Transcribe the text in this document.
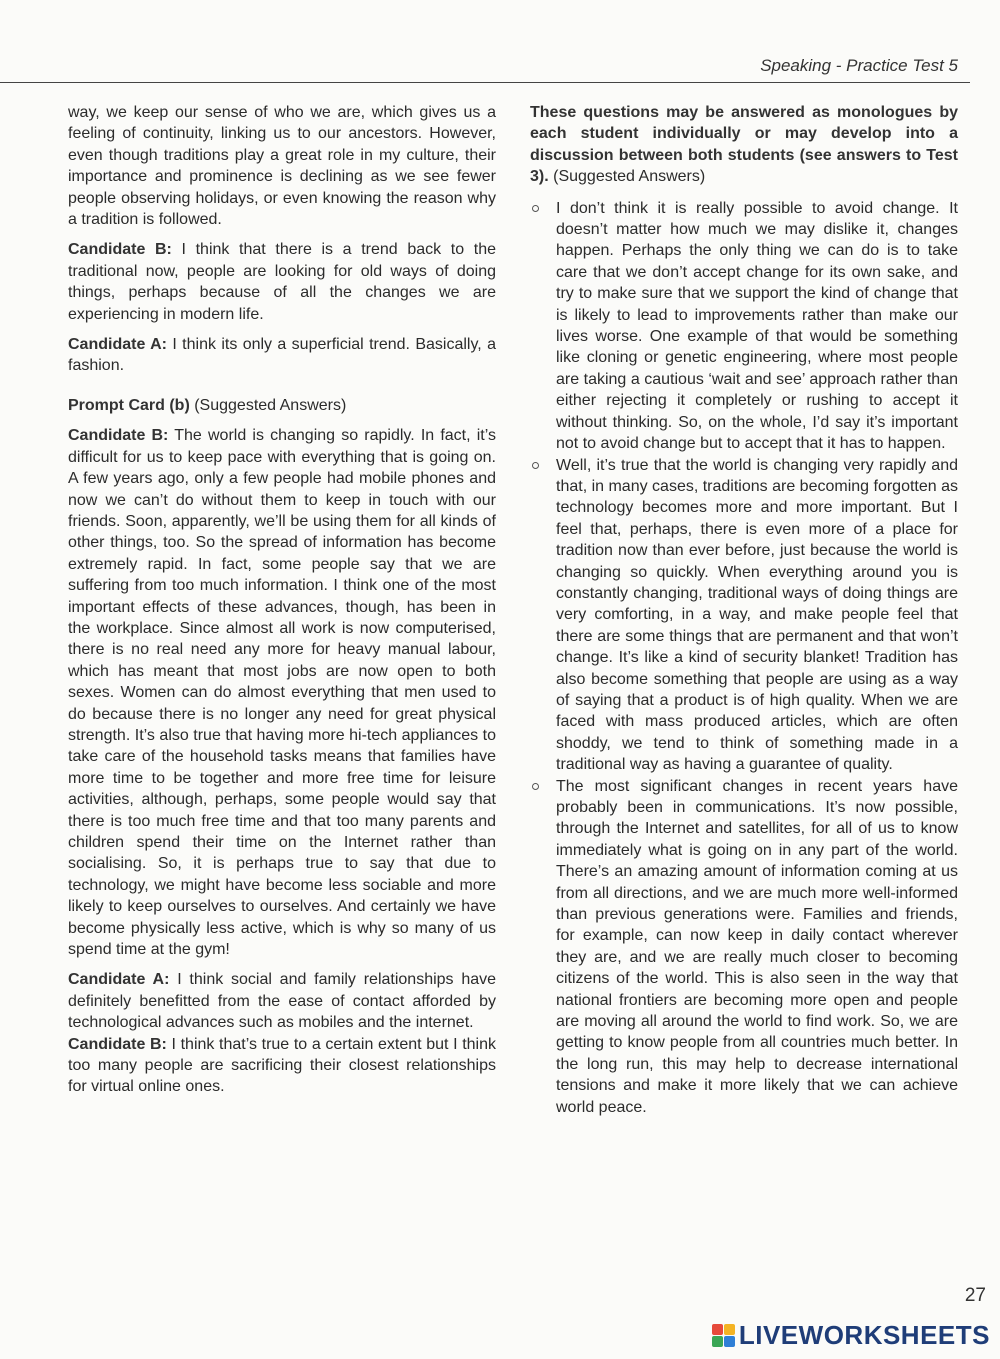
Speaking - Practice Test 5

way, we keep our sense of who we are, which gives us a feeling of continuity, linking us to our ancestors. However, even though traditions play a great role in my culture, their importance and prominence is declining as we see fewer people observing holidays, or even knowing the reason why a tradition is followed.

Candidate B: I think that there is a trend back to the traditional now, people are looking for old ways of doing things, perhaps because of all the changes we are experiencing in modern life.

Candidate A: I think its only a superficial trend. Basically, a fashion.

Prompt Card (b) (Suggested Answers)

Candidate B: The world is changing so rapidly. In fact, it’s difficult for us to keep pace with everything that is going on. A few years ago, only a few people had mobile phones and now we can’t do without them to keep in touch with our friends. Soon, apparently, we’ll be using them for all kinds of other things, too. So the spread of information has become extremely rapid. In fact, some people say that we are suffering from too much information. I think one of the most important effects of these advances, though, has been in the workplace. Since almost all work is now computerised, there is no real need any more for heavy manual labour, which has meant that most jobs are now open to both sexes. Women can do almost everything that men used to do because there is no longer any need for great physical strength. It’s also true that having more hi-tech appliances to take care of the household tasks means that families have more time to be together and more free time for leisure activities, although, perhaps, some people would say that there is too much free time and that too many parents and children spend their time on the Internet rather than socialising. So, it is perhaps true to say that due to technology, we might have become less sociable and more likely to keep ourselves to ourselves. And certainly we have become physically less active, which is why so many of us spend time at the gym!

Candidate A: I think social and family relationships have definitely benefitted from the ease of contact afforded by technological advances such as mobiles and the internet.

Candidate B: I think that’s true to a certain extent but I think too many people are sacrificing their closest relationships for virtual online ones.

These questions may be answered as monologues by each student individually or may develop into a discussion between both students (see answers to Test 3). (Suggested Answers)

I don’t think it is really possible to avoid change. It doesn’t matter how much we may dislike it, changes happen. Perhaps the only thing we can do is to take care that we don’t accept change for its own sake, and try to make sure that we support the kind of change that is likely to lead to improvements rather than make our lives worse. One example of that would be something like cloning or genetic engineering, where most people are taking a cautious ‘wait and see’ approach rather than either rejecting it completely or rushing to accept it without thinking. So, on the whole, I’d say it’s important not to avoid change but to accept that it has to happen.
Well, it’s true that the world is changing very rapidly and that, in many cases, traditions are becoming forgotten as technology becomes more and more important. But I feel that, perhaps, there is even more of a place for tradition now than ever before, just because the world is changing so quickly. When everything around you is constantly changing, traditional ways of doing things are very comforting, in a way, and make people feel that there are some things that are permanent and that won’t change. It’s like a kind of security blanket! Tradition has also become something that people are using as a way of saying that a product is of high quality. When we are faced with mass produced articles, which are often shoddy, we tend to think of something made in a traditional way as having a guarantee of quality.
The most significant changes in recent years have probably been in communications. It’s now possible, through the Internet and satellites, for all of us to know immediately what is going on in any part of the world. There’s an amazing amount of information coming at us from all directions, and we are much more well-informed than previous generations were. Families and friends, for example, can now keep in daily contact wherever they are, and we are really much closer to becoming citizens of the world. This is also seen in the way that national frontiers are becoming more open and people are moving all around the world to find work. So, we are getting to know people from all countries much better. In the long run, this may help to decrease international tensions and make it more likely that we can achieve world peace.
27
LIVEWORKSHEETS
